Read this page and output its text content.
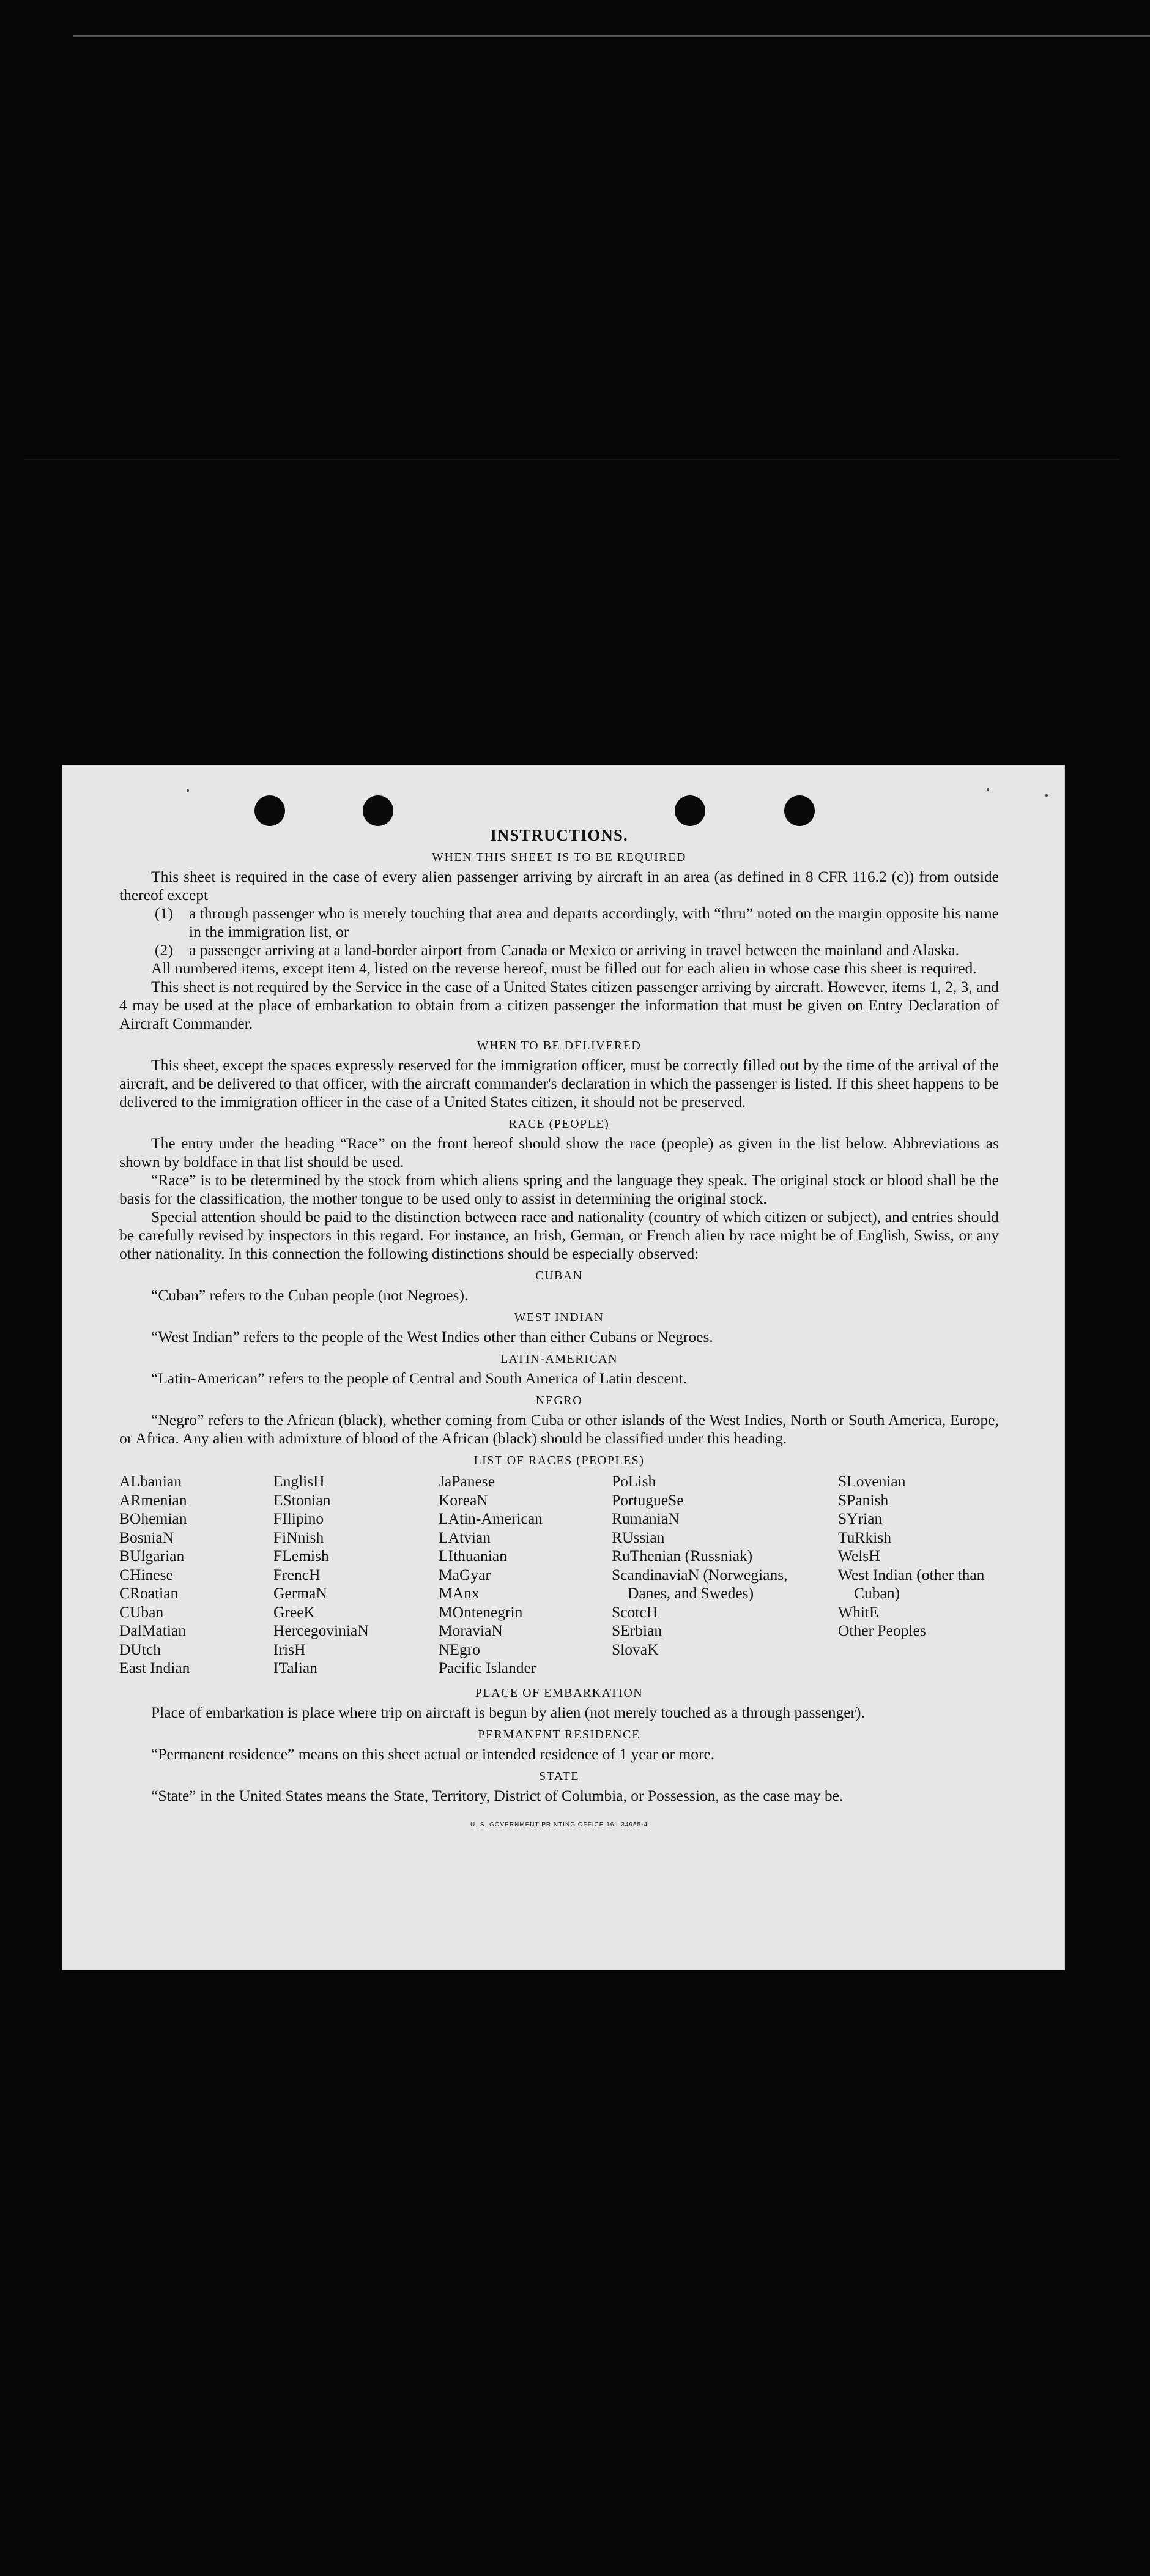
INSTRUCTIONS.
WHEN THIS SHEET IS TO BE REQUIRED

This sheet is required in the case of every alien passenger arriving by aircraft in an area (as defined in 8 CFR 116.2 (c)) from outside thereof except

(1) a through passenger who is merely touching that area and departs accordingly, with “thru” noted on the margin opposite his name in the immigration list, or
(2) a passenger arriving at a land-border airport from Canada or Mexico or arriving in travel between the mainland and Alaska.

All numbered items, except item 4, listed on the reverse hereof, must be filled out for each alien in whose case this sheet is required.

This sheet is not required by the Service in the case of a United States citizen passenger arriving by aircraft. However, items 1, 2, 3, and 4 may be used at the place of embarkation to obtain from a citizen passenger the information that must be given on Entry Declaration of Aircraft Commander.

WHEN TO BE DELIVERED

This sheet, except the spaces expressly reserved for the immigration officer, must be correctly filled out by the time of the arrival of the aircraft, and be delivered to that officer, with the aircraft commander's declaration in which the passenger is listed. If this sheet happens to be delivered to the immigration officer in the case of a United States citizen, it should not be preserved.

RACE (PEOPLE)

The entry under the heading “Race” on the front hereof should show the race (people) as given in the list below. Abbreviations as shown by boldface in that list should be used.

“Race” is to be determined by the stock from which aliens spring and the language they speak. The original stock or blood shall be the basis for the classification, the mother tongue to be used only to assist in determining the original stock.

Special attention should be paid to the distinction between race and nationality (country of which citizen or subject), and entries should be carefully revised by inspectors in this regard. For instance, an Irish, German, or French alien by race might be of English, Swiss, or any other nationality. In this connection the following distinctions should be especially observed:

CUBAN

“Cuban” refers to the Cuban people (not Negroes).

WEST INDIAN

“West Indian” refers to the people of the West Indies other than either Cubans or Negroes.

LATIN-AMERICAN

“Latin-American” refers to the people of Central and South America of Latin descent.

NEGRO

“Negro” refers to the African (black), whether coming from Cuba or other islands of the West Indies, North or South America, Europe, or Africa. Any alien with admixture of blood of the African (black) should be classified under this heading.

LIST OF RACES (PEOPLES)
ALbanian
ARmenian
BOhemian
BosniaN
BUlgarian
CHinese
CRoatian
CUban
DalMatian
DUtch
East Indian
EnglisH
EStonian
FIlipino
FiNnish
FLemish
FrencH
GermaN
GreeK
HercegoviniaN
IrisH
ITalian
JaPanese
KoreaN
LAtin-American
LAtvian
LIthuanian
MaGyar
MAnx
MOntenegrin
MoraviaN
NEgro
Pacific Islander
PoLish
PortugueSe
RumaniaN
RUssian
RuThenian (Russniak)
ScandinaviaN (Norwegians, Danes, and Swedes)
ScotcH
SErbian
SlovaK
SLovenian
SPanish
SYrian
TuRkish
WelsH
West Indian (other than Cuban)
WhitE
Other Peoples
PLACE OF EMBARKATION

Place of embarkation is place where trip on aircraft is begun by alien (not merely touched as a through passenger).

PERMANENT RESIDENCE

“Permanent residence” means on this sheet actual or intended residence of 1 year or more.

STATE

“State” in the United States means the State, Territory, District of Columbia, or Possession, as the case may be.

U. S. GOVERNMENT PRINTING OFFICE 16—34955-4
